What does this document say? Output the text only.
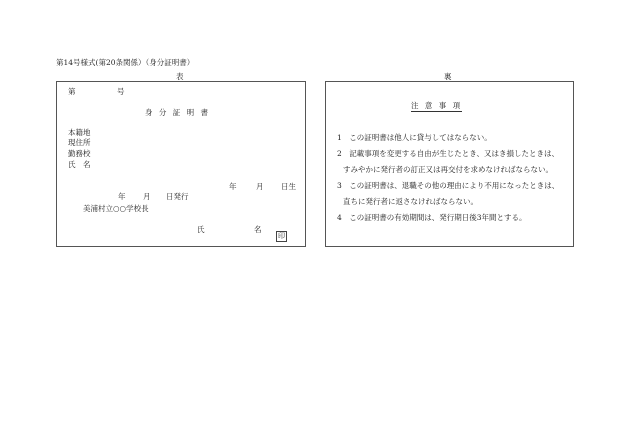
第14号様式(第20条関係）（身分証明書）
表	裏
第	号
身 分 証 明 書
本籍地
現住所
勤務校
氏　名
年	月 日生
年 月 日発行
美浦村立○○学校長
氏	名
印
注 意 事 項
1　この証明書は他人に貸与してはならない。
2　記載事項を変更する自由が生じたとき、又はき損したときは、
すみやかに発行者の訂正又は再交付を求めなければならない。
3　この証明書は、退職その他の理由により不用になったときは、
直ちに発行者に返さなければならない。
4　この証明書の有効期間は、発行期日後3年間とする。
